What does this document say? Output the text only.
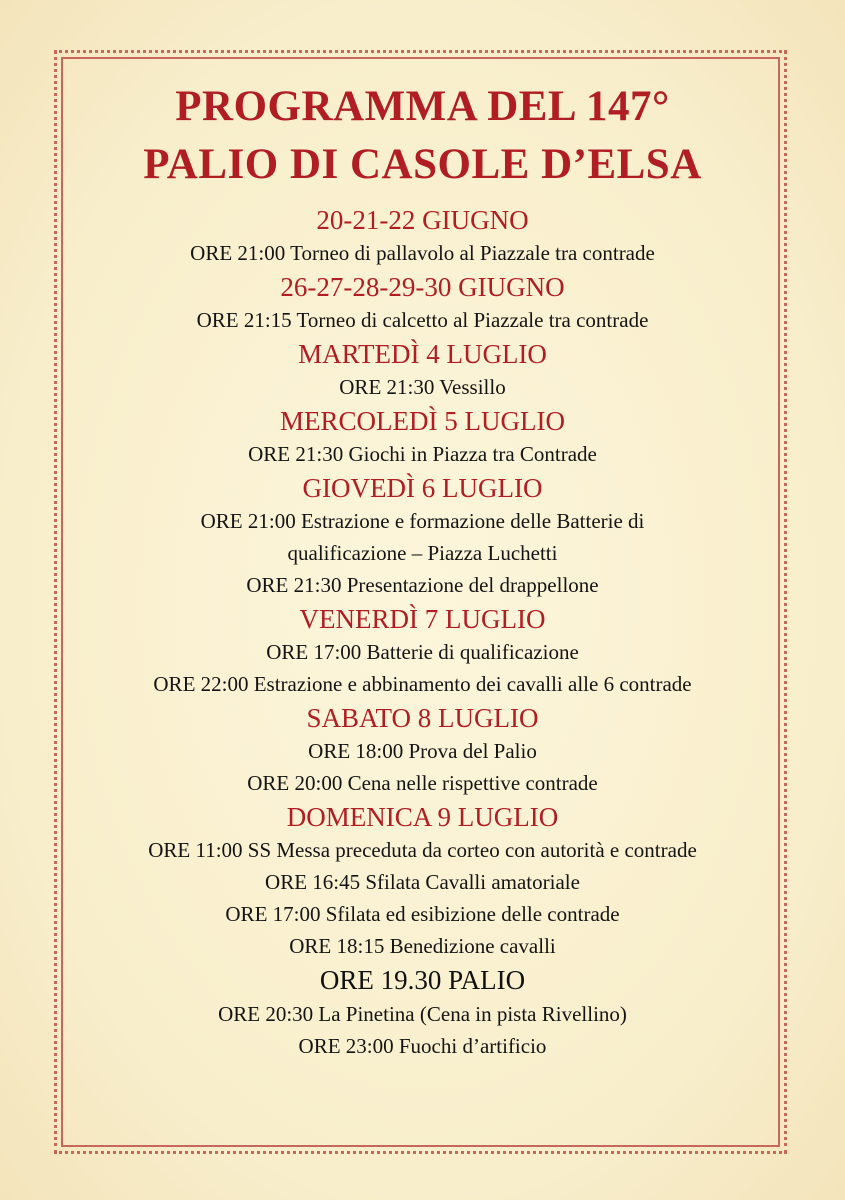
PROGRAMMA DEL 147°
PALIO DI CASOLE D’ELSA
20-21-22 GIUGNO
ORE 21:00 Torneo di pallavolo al Piazzale tra contrade
26-27-28-29-30 GIUGNO
ORE 21:15 Torneo di calcetto al Piazzale tra contrade
MARTEDÌ 4 LUGLIO
ORE 21:30 Vessillo
MERCOLEDÌ 5 LUGLIO
ORE 21:30 Giochi in Piazza tra Contrade
GIOVEDÌ 6 LUGLIO
ORE 21:00 Estrazione e formazione delle Batterie di
qualificazione – Piazza Luchetti
ORE 21:30 Presentazione del drappellone
VENERDÌ 7 LUGLIO
ORE 17:00 Batterie di qualificazione
ORE 22:00 Estrazione e abbinamento dei cavalli alle 6 contrade
SABATO 8 LUGLIO
ORE 18:00 Prova del Palio
ORE 20:00 Cena nelle rispettive contrade
DOMENICA 9 LUGLIO
ORE 11:00 SS Messa preceduta da corteo con autorità e contrade
ORE 16:45 Sfilata Cavalli amatoriale
ORE 17:00 Sfilata ed esibizione delle contrade
ORE 18:15 Benedizione cavalli
ORE 19.30 PALIO
ORE 20:30 La Pinetina (Cena in pista Rivellino)
ORE 23:00 Fuochi d’artificio
